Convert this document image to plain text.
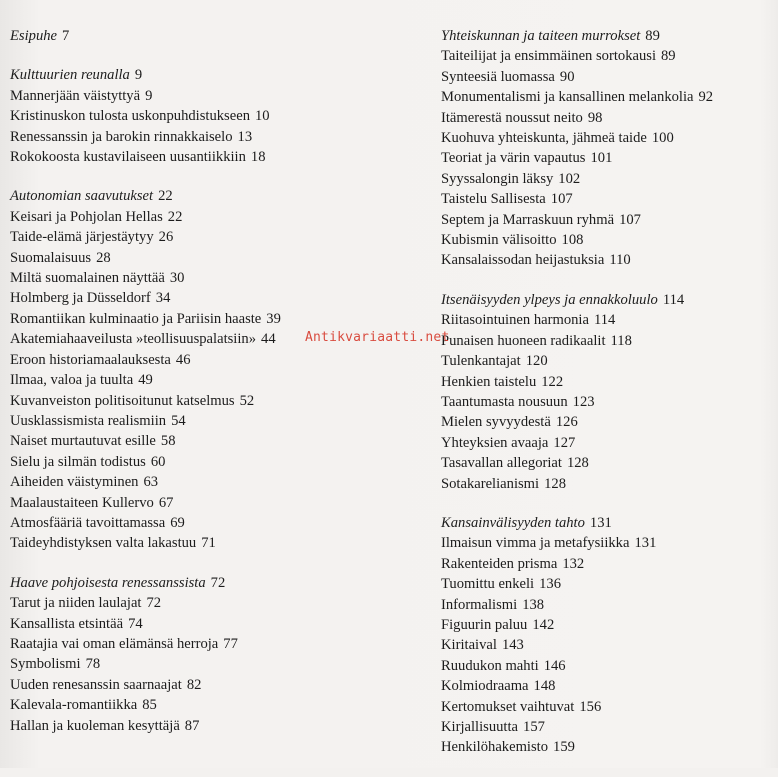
Esipuhe 7
Kulttuurien reunalla 9
Mannerjään väistyttyä 9
Kristinuskon tulosta uskonpuhdistukseen 10
Renessanssin ja barokin rinnakkaiselo 13
Rokokoosta kustavilaiseen uusantiikkiin 18
Autonomian saavutukset 22
Keisari ja Pohjolan Hellas 22
Taide-elämä järjestäytyy 26
Suomalaisuus 28
Miltä suomalainen näyttää 30
Holmberg ja Düsseldorf 34
Romantiikan kulminaatio ja Pariisin haaste 39
Akatemiahaaveilusta »teollisuuspalatsiin» 44
Eroon historiamaalauksesta 46
Ilmaa, valoa ja tuulta 49
Kuvanveiston politisoitunut katselmus 52
Uusklassismista realismiin 54
Naiset murtautuvat esille 58
Sielu ja silmän todistus 60
Aiheiden väistyminen 63
Maalaustaiteen Kullervo 67
Atmosfääriä tavoittamassa 69
Taideyhdistyksen valta lakastuu 71
Haave pohjoisesta renessanssista 72
Tarut ja niiden laulajat 72
Kansallista etsintää 74
Raatajia vai oman elämänsä herroja 77
Symbolismi 78
Uuden renesanssin saarnaajat 82
Kalevala-romantiikka 85
Hallan ja kuoleman kesyttäjä 87
Yhteiskunnan ja taiteen murrokset 89
Taiteilijat ja ensimmäinen sortokausi 89
Synteesiä luomassa 90
Monumentalismi ja kansallinen melankolia 92
Itämerestä noussut neito 98
Kuohuva yhteiskunta, jähmeä taide 100
Teoriat ja värin vapautus 101
Syyssalongin läksy 102
Taistelu Sallisesta 107
Septem ja Marraskuun ryhmä 107
Kubismin välisoitto 108
Kansalaissodan heijastuksia 110
Itsenäisyyden ylpeys ja ennakkoluulo 114
Riitasointuinen harmonia 114
Punaisen huoneen radikaalit 118
Tulenkantajat 120
Henkien taistelu 122
Taantumasta nousuun 123
Mielen syvyydestä 126
Yhteyksien avaaja 127
Tasavallan allegoriat 128
Sotakarelianismi 128
Kansainvälisyyden tahto 131
Ilmaisun vimma ja metafysiikka 131
Rakenteiden prisma 132
Tuomittu enkeli 136
Informalismi 138
Figuurin paluu 142
Kiritaival 143
Ruudukon mahti 146
Kolmiodraama 148
Kertomukset vaihtuvat 156
Kirjallisuutta 157
Henkilöhakemisto 159
Antikvariaatti.net
